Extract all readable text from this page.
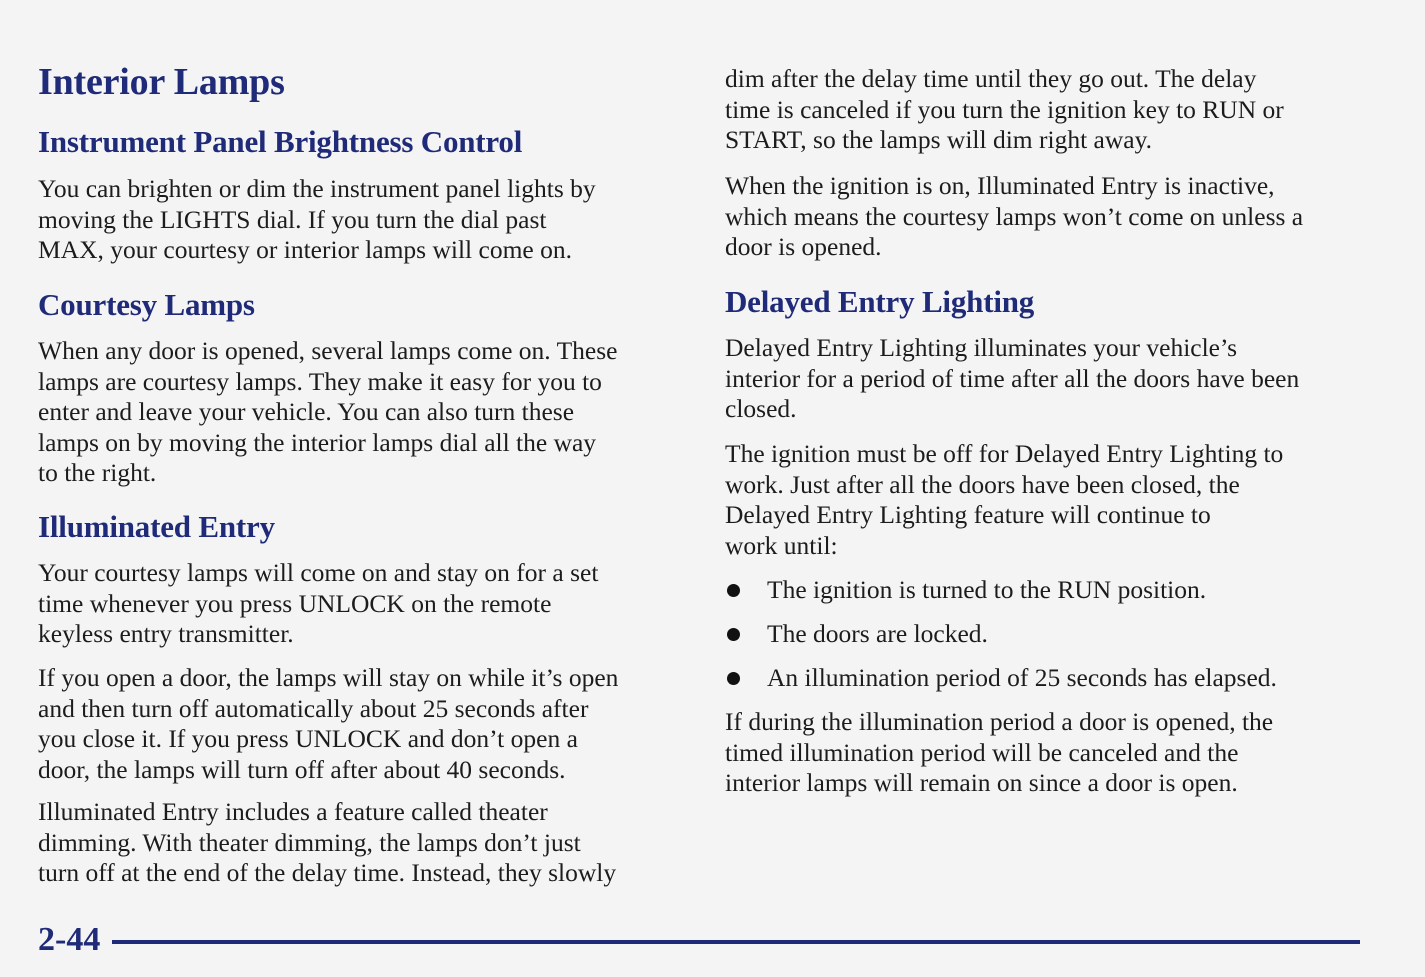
Interior Lamps
Instrument Panel Brightness Control

You can brighten or dim the instrument panel lights by
moving the LIGHTS dial. If you turn the dial past
MAX, your courtesy or interior lamps will come on.

Courtesy Lamps

When any door is opened, several lamps come on. These
lamps are courtesy lamps. They make it easy for you to
enter and leave your vehicle. You can also turn these
lamps on by moving the interior lamps dial all the way
to the right.

Illuminated Entry

Your courtesy lamps will come on and stay on for a set
time whenever you press UNLOCK on the remote
keyless entry transmitter.

If you open a door, the lamps will stay on while it’s open
and then turn off automatically about 25 seconds after
you close it. If you press UNLOCK and don’t open a
door, the lamps will turn off after about 40 seconds.

Illuminated Entry includes a feature called theater
dimming. With theater dimming, the lamps don’t just
turn off at the end of the delay time. Instead, they slowly

dim after the delay time until they go out. The delay
time is canceled if you turn the ignition key to RUN or
START, so the lamps will dim right away.

When the ignition is on, Illuminated Entry is inactive,
which means the courtesy lamps won’t come on unless a
door is opened.

Delayed Entry Lighting

Delayed Entry Lighting illuminates your vehicle’s
interior for a period of time after all the doors have been
closed.

The ignition must be off for Delayed Entry Lighting to
work. Just after all the doors have been closed, the
Delayed Entry Lighting feature will continue to
work until:

The ignition is turned to the RUN position.
The doors are locked.
An illumination period of 25 seconds has elapsed.

If during the illumination period a door is opened, the
timed illumination period will be canceled and the
interior lamps will remain on since a door is open.

2-44
